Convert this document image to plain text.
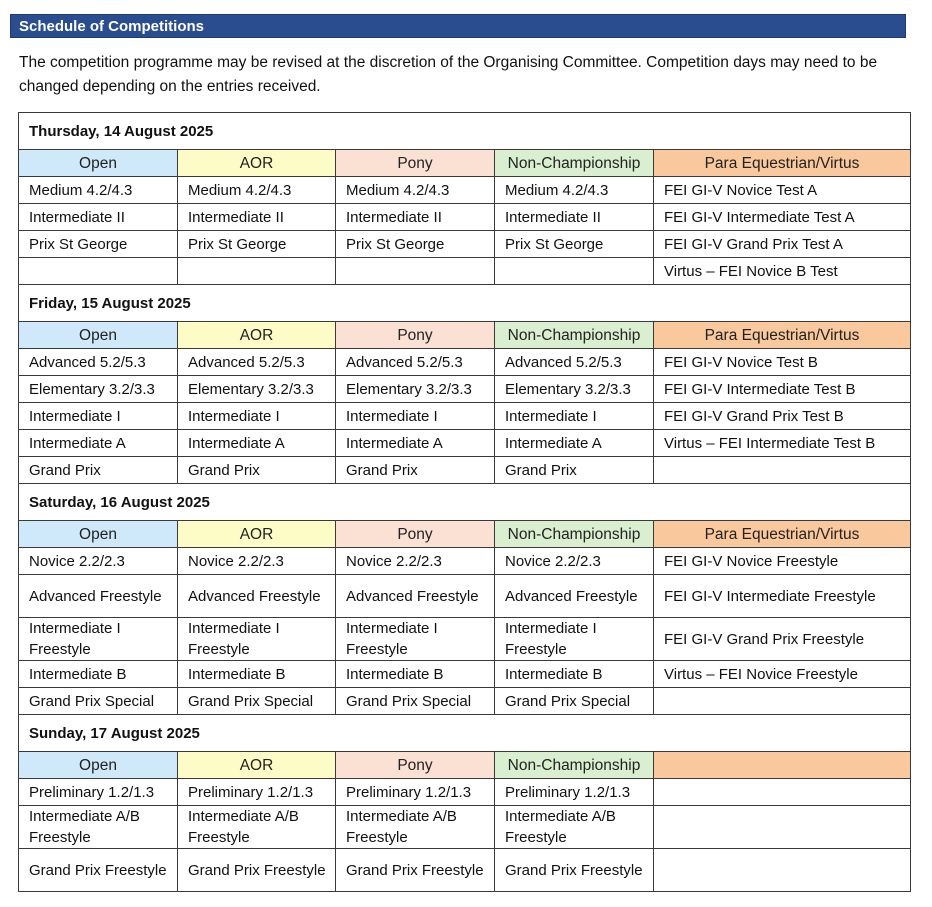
Schedule of Competitions
The competition programme may be revised at the discretion of the Organising Committee. Competition days may need to be changed depending on the entries received.
Thursday, 14 August 2025				
Open	AOR	Pony	Non-Championship	Para Equestrian/Virtus
Medium 4.2/4.3	Medium 4.2/4.3	Medium 4.2/4.3	Medium 4.2/4.3	FEI GI-V Novice Test A
Intermediate II	Intermediate II	Intermediate II	Intermediate II	FEI GI-V Intermediate Test A
Prix St George	Prix St George	Prix St George	Prix St George	FEI GI-V Grand Prix Test A
				Virtus – FEI Novice B Test
Friday, 15 August 2025				
Open	AOR	Pony	Non-Championship	Para Equestrian/Virtus
Advanced 5.2/5.3	Advanced 5.2/5.3	Advanced 5.2/5.3	Advanced 5.2/5.3	FEI GI-V Novice Test B
Elementary 3.2/3.3	Elementary 3.2/3.3	Elementary 3.2/3.3	Elementary 3.2/3.3	FEI GI-V Intermediate Test B
Intermediate I	Intermediate I	Intermediate I	Intermediate I	FEI GI-V Grand Prix Test B
Intermediate A	Intermediate A	Intermediate A	Intermediate A	Virtus – FEI Intermediate Test B
Grand Prix	Grand Prix	Grand Prix	Grand Prix	
Saturday, 16 August 2025				
Open	AOR	Pony	Non-Championship	Para Equestrian/Virtus
Novice 2.2/2.3	Novice 2.2/2.3	Novice 2.2/2.3	Novice 2.2/2.3	FEI GI-V Novice Freestyle
Advanced Freestyle	Advanced Freestyle	Advanced Freestyle	Advanced Freestyle	FEI GI-V Intermediate Freestyle
Intermediate I Freestyle	Intermediate I Freestyle	Intermediate I Freestyle	Intermediate I Freestyle	FEI GI-V Grand Prix Freestyle
Intermediate B	Intermediate B	Intermediate B	Intermediate B	Virtus – FEI Novice Freestyle
Grand Prix Special	Grand Prix Special	Grand Prix Special	Grand Prix Special	
Sunday, 17 August 2025				
Open	AOR	Pony	Non-Championship	
Preliminary 1.2/1.3	Preliminary 1.2/1.3	Preliminary 1.2/1.3	Preliminary 1.2/1.3	
Intermediate A/B Freestyle	Intermediate A/B Freestyle	Intermediate A/B Freestyle	Intermediate A/B Freestyle	
Grand Prix Freestyle	Grand Prix Freestyle	Grand Prix Freestyle	Grand Prix Freestyle	
